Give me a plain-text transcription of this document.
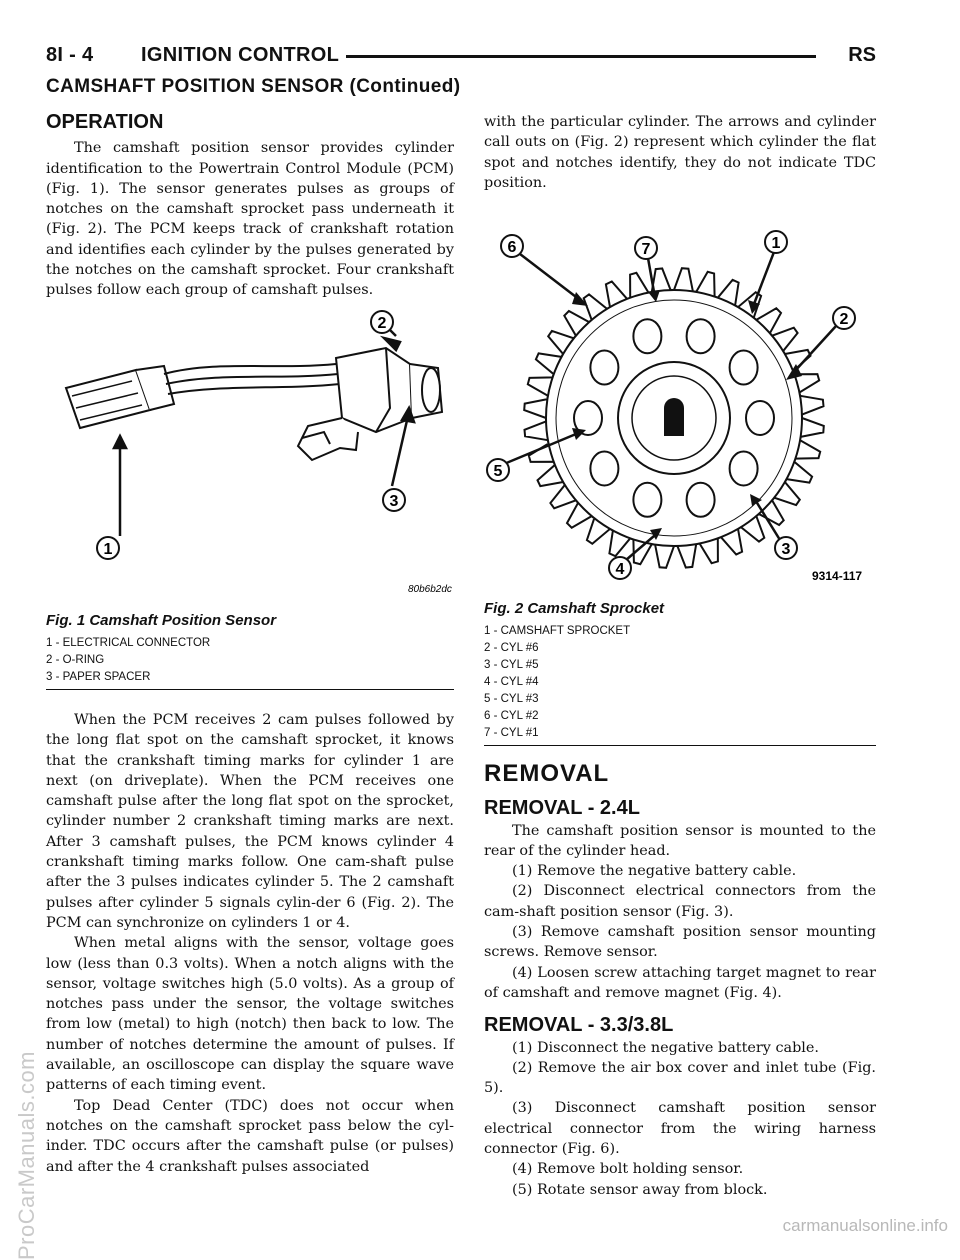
ProCarManuals.com
8I - 4 IGNITION CONTROL	RS
CAMSHAFT POSITION SENSOR (Continued)
OPERATION

The camshaft position sensor provides cylinder identification to the Powertrain Control Module (PCM) (Fig. 1). The sensor generates pulses as groups of notches on the camshaft sprocket pass underneath it (Fig. 2). The PCM keeps track of crankshaft rotation and identifies each cylinder by the pulses generated by the notches on the camshaft sprocket. Four crankshaft pulses follow each group of camshaft pulses.

1
2
3
80b6b2dc
Fig. 1 Camshaft Position Sensor
1 - ELECTRICAL CONNECTOR
2 - O-RING
3 - PAPER SPACER

When the PCM receives 2 cam pulses followed by the long flat spot on the camshaft sprocket, it knows that the crankshaft timing marks for cylinder 1 are next (on driveplate). When the PCM receives one camshaft pulse after the long flat spot on the sprocket, cylinder number 2 crankshaft timing marks are next. After 3 camshaft pulses, the PCM knows cylinder 4 crankshaft timing marks follow. One cam-shaft pulse after the 3 pulses indicates cylinder 5. The 2 camshaft pulses after cylinder 5 signals cylin-der 6 (Fig. 2). The PCM can synchronize on cylinders 1 or 4.

When metal aligns with the sensor, voltage goes low (less than 0.3 volts). When a notch aligns with the sensor, voltage switches high (5.0 volts). As a group of notches pass under the sensor, the voltage switches from low (metal) to high (notch) then back to low. The number of notches determine the amount of pulses. If available, an oscilloscope can display the square wave patterns of each timing event.

Top Dead Center (TDC) does not occur when notches on the camshaft sprocket pass below the cyl-inder. TDC occurs after the camshaft pulse (or pulses) and after the 4 crankshaft pulses associated

with the particular cylinder. The arrows and cylinder call outs on (Fig. 2) represent which cylinder the flat spot and notches identify, they do not indicate TDC position.

1
2
3
4
5
6	7
9314-117
Fig. 2 Camshaft Sprocket
1 - CAMSHAFT SPROCKET
2 - CYL #6
3 - CYL #5
4 - CYL #4
5 - CYL #3
6 - CYL #2
7 - CYL #1
REMOVAL
REMOVAL - 2.4L

The camshaft position sensor is mounted to the rear of the cylinder head.

(1) Remove the negative battery cable.

(2) Disconnect electrical connectors from the cam-shaft position sensor (Fig. 3).

(3) Remove camshaft position sensor mounting screws. Remove sensor.

(4) Loosen screw attaching target magnet to rear of camshaft and remove magnet (Fig. 4).

REMOVAL - 3.3/3.8L

(1) Disconnect the negative battery cable.

(2) Remove the air box cover and inlet tube (Fig. 5).

(3) Disconnect camshaft position sensor electrical connector from the wiring harness connector (Fig. 6).

(4) Remove bolt holding sensor.

(5) Rotate sensor away from block.

carmanualsonline.info
